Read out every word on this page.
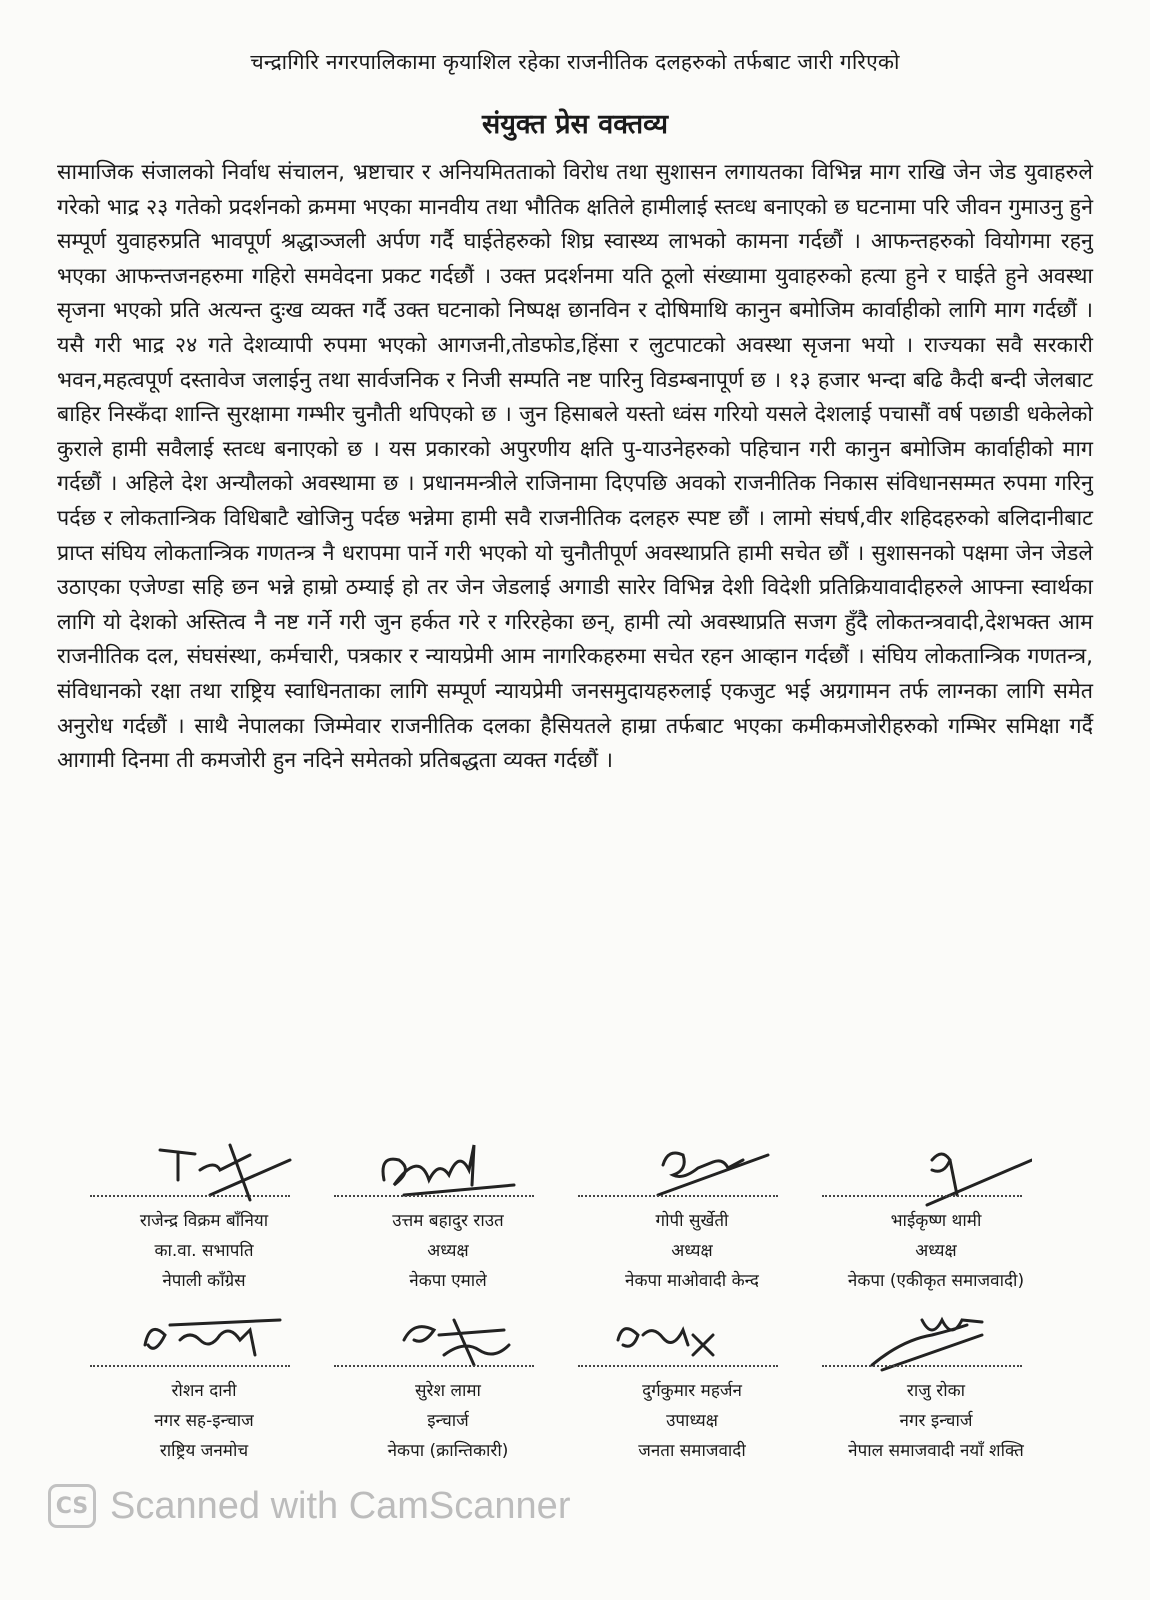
चन्द्रागिरि नगरपालिकामा कृयाशिल रहेका राजनीतिक दलहरुको तर्फबाट जारी गरिएको
संयुक्त प्रेस वक्तव्य

सामाजिक संजालको निर्वाध संचालन, भ्रष्टाचार र अनियमितताको विरोध तथा सुशासन लगायतका विभिन्न माग राखि जेन जेड युवाहरुले गरेको भाद्र २३ गतेको प्रदर्शनको क्रममा भएका मानवीय तथा भौतिक क्षतिले हामीलाई स्तव्ध बनाएको छ घटनामा परि जीवन गुमाउनु हुने सम्पूर्ण युवाहरुप्रति भावपूर्ण श्रद्धाञ्जली अर्पण गर्दै घाईतेहरुको शिघ्र स्वास्थ्य लाभको कामना गर्दछौं । आफन्तहरुको वियोगमा रहनु भएका आफन्तजनहरुमा गहिरो समवेदना प्रकट गर्दछौं । उक्त प्रदर्शनमा यति ठूलो संख्यामा युवाहरुको हत्या हुने र घाईते हुने अवस्था सृजना भएको प्रति अत्यन्त दुःख व्यक्त गर्दै उक्त घटनाको निष्पक्ष छानविन र दोषिमाथि कानुन बमोजिम कार्वाहीको लागि माग गर्दछौं । यसै गरी भाद्र २४ गते देशव्यापी रुपमा भएको आगजनी,तोडफोड,हिंसा र लुटपाटको अवस्था सृजना भयो । राज्यका सवै सरकारी भवन,महत्वपूर्ण दस्तावेज जलाईनु तथा सार्वजनिक र निजी सम्पति नष्ट पारिनु विडम्बनापूर्ण छ । १३ हजार भन्दा बढि कैदी बन्दी जेलबाट बाहिर निस्कँदा शान्ति सुरक्षामा गम्भीर चुनौती थपिएको छ । जुन हिसाबले यस्तो ध्वंस गरियो यसले देशलाई पचासौं वर्ष पछाडी धकेलेको कुराले हामी सवैलाई स्तव्ध बनाएको छ । यस प्रकारको अपुरणीय क्षति पु-याउनेहरुको पहिचान गरी कानुन बमोजिम कार्वाहीको माग गर्दछौं । अहिले देश अन्यौलको अवस्थामा छ । प्रधानमन्त्रीले राजिनामा दिएपछि अवको राजनीतिक निकास संविधानसम्मत रुपमा गरिनु पर्दछ र लोकतान्त्रिक विधिबाटै खोजिनु पर्दछ भन्नेमा हामी सवै राजनीतिक दलहरु स्पष्ट छौं । लामो संघर्ष,वीर शहिदहरुको बलिदानीबाट प्राप्त संघिय लोकतान्त्रिक गणतन्त्र नै धरापमा पार्ने गरी भएको यो चुनौतीपूर्ण अवस्थाप्रति हामी सचेत छौं । सुशासनको पक्षमा जेन जेडले उठाएका एजेण्डा सहि छन भन्ने हाम्रो ठम्याई हो तर जेन जेडलाई अगाडी सारेर विभिन्न देशी विदेशी प्रतिक्रियावादीहरुले आफ्ना स्वार्थका लागि यो देशको अस्तित्व नै नष्ट गर्ने गरी जुन हर्कत गरे र गरिरहेका छन्, हामी त्यो अवस्थाप्रति सजग हुँदै लोकतन्त्रवादी,देशभक्त आम राजनीतिक दल, संघसंस्था, कर्मचारी, पत्रकार र न्यायप्रेमी आम नागरिकहरुमा सचेत रहन आव्हान गर्दछौं । संघिय लोकतान्त्रिक गणतन्त्र, संविधानको रक्षा तथा राष्ट्रिय स्वाधिनताका लागि सम्पूर्ण न्यायप्रेमी जनसमुदायहरुलाई एकजुट भई अग्रगामन तर्फ लाग्नका लागि समेत अनुरोध गर्दछौं । साथै नेपालका जिम्मेवार राजनीतिक दलका हैसियतले हाम्रा तर्फबाट भएका कमीकमजोरीहरुको गम्भिर समिक्षा गर्दै आगामी दिनमा ती कमजोरी हुन नदिने समेतको प्रतिबद्धता व्यक्त गर्दछौं ।

राजेन्द्र विक्रम बाँनिया
का.वा. सभापति
नेपाली काँग्रेस
उत्तम बहादुर राउत
अध्यक्ष
नेकपा एमाले
गोपी सुर्खेती
अध्यक्ष
नेकपा माओवादी केन्द
भाईकृष्ण थामी
अध्यक्ष
नेकपा (एकीकृत समाजवादी)
रोशन दानी
नगर सह-इन्चाज
राष्ट्रिय जनमोच
सुरेश लामा
इन्चार्ज
नेकपा (क्रान्तिकारी)
दुर्गकुमार महर्जन
उपाध्यक्ष
जनता समाजवादी
राजु रोका
नगर इन्चार्ज
नेपाल समाजवादी नयाँ शक्ति
CS Scanned with CamScanner
